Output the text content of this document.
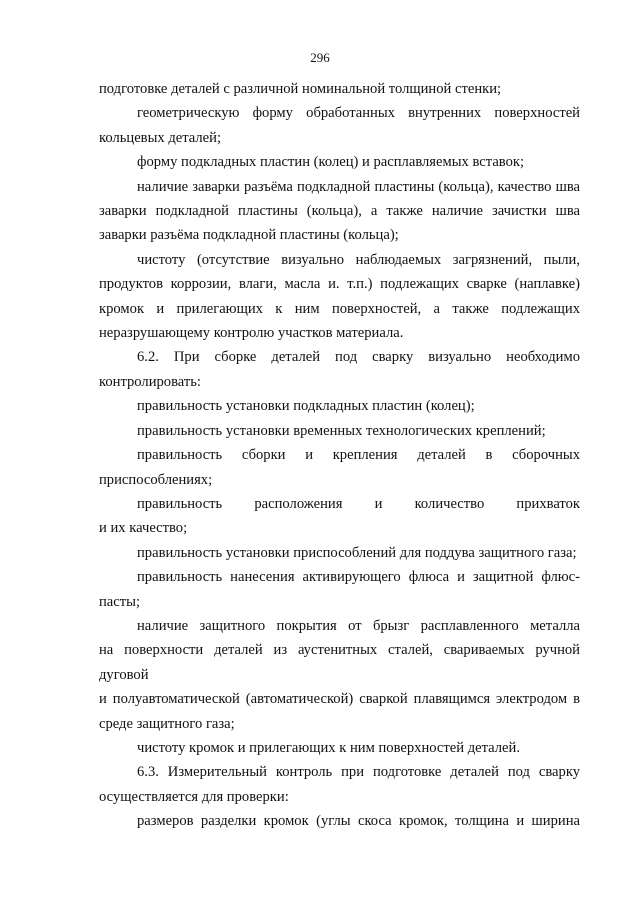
296
подготовке деталей с различной номинальной толщиной стенки;
геометрическую форму обработанных внутренних поверхностей
кольцевых деталей;
форму подкладных пластин (колец) и расплавляемых вставок;
наличие заварки разъёма подкладной пластины (кольца), качество шва
заварки подкладной пластины (кольца), а также наличие зачистки шва
заварки разъёма подкладной пластины (кольца);
чистоту (отсутствие визуально наблюдаемых загрязнений, пыли,
продуктов коррозии, влаги, масла и. т.п.) подлежащих сварке (наплавке)
кромок и прилегающих к ним поверхностей, а также подлежащих
неразрушающему контролю участков материала.
6.2. При сборке деталей под сварку визуально необходимо
контролировать:
правильность установки подкладных пластин (колец);
правильность установки временных технологических креплений;
правильность сборки и крепления деталей в сборочных
приспособлениях;
правильность расположения и количество прихваток
и их качество;
правильность установки приспособлений для поддува защитного газа;
правильность нанесения активирующего флюса и защитной флюс-
пасты;
наличие защитного покрытия от брызг расплавленного металла
на поверхности деталей из аустенитных сталей, свариваемых ручной дуговой
и полуавтоматической (автоматической) сваркой плавящимся электродом в
среде защитного газа;
чистоту кромок и прилегающих к ним поверхностей деталей.
6.3. Измерительный контроль при подготовке деталей под сварку
осуществляется для проверки:
размеров разделки кромок (углы скоса кромок, толщина и ширина
